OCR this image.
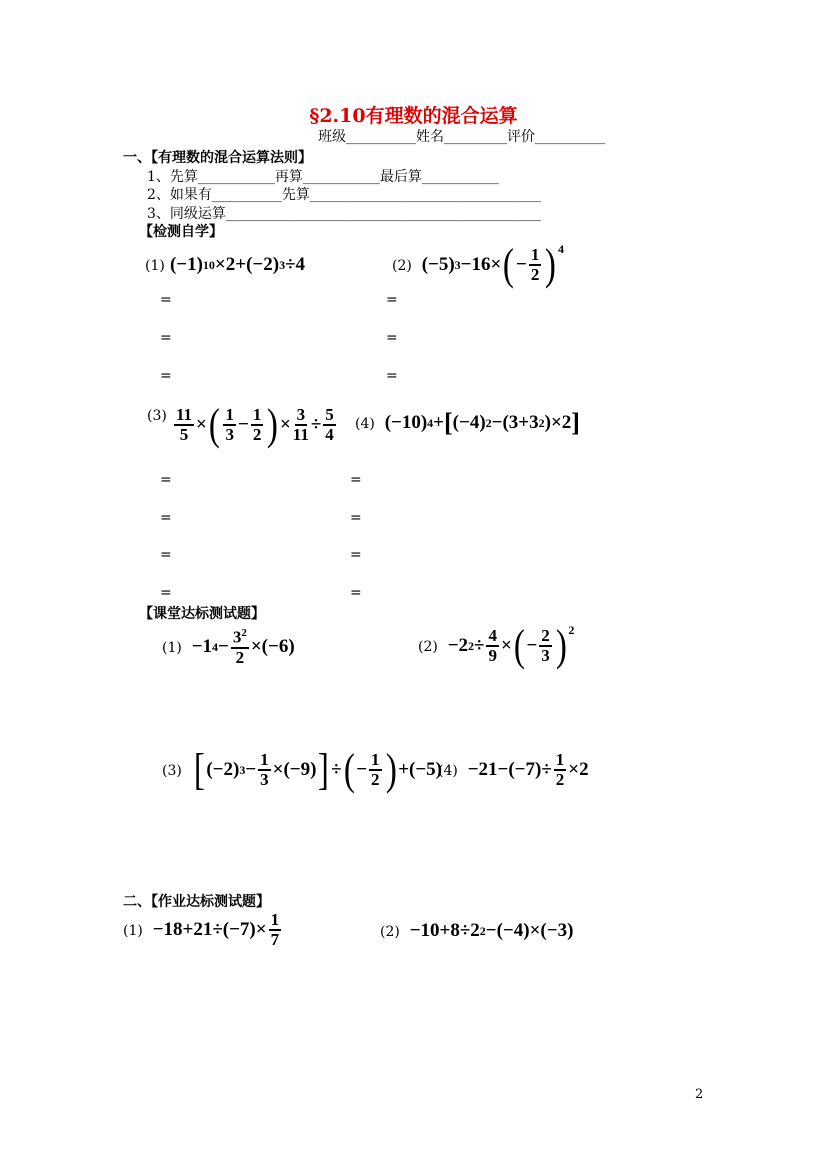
§2.10有理数的混合运算
班级__________姓名_________评价__________
一、【有理数的混合运算法则】
1、先算___________再算___________最后算___________
2、如果有__________先算_________________________________
3、同级运算_____________________________________________
【检测自学】
(1) (−1) 10 ×2+(−2) 3 ÷4	(2)  (−5) 3 −16× ( − $\frac{1}{2} )^4$
=
=
=
=
=
=
$(3) \frac{11}{5}$ × ( $\frac{1}{3} - \frac{1}{2}$ ) × $\frac{3}{11} \div \frac{5}{4} (4)$  (−10) 4 + [ (−4) 2 −(3+3 2 )×2 ]
=
=
=
=
=
=
=
=
【课堂达标测试题】
(1)  −1 $4 - \frac{3^2}{2} \times(-6)$	(2)  −2 $2 \div \frac{4}{9}$ × ( − $\frac{2}{3} )^2$
(3) [ (−2) $3 - \frac{1}{3} \times(-9)$ ] ÷ ( − $\frac{1}{2}$ ) +(−5)
$(4) -21-(-7)\div \frac{1}{2} \times 2$
二、【作业达标测试题】
$(1) -18+21\div(-7)\times \frac{1}{7}$	(2)  −10+8÷2 2 −(−4)×(−3)
2
